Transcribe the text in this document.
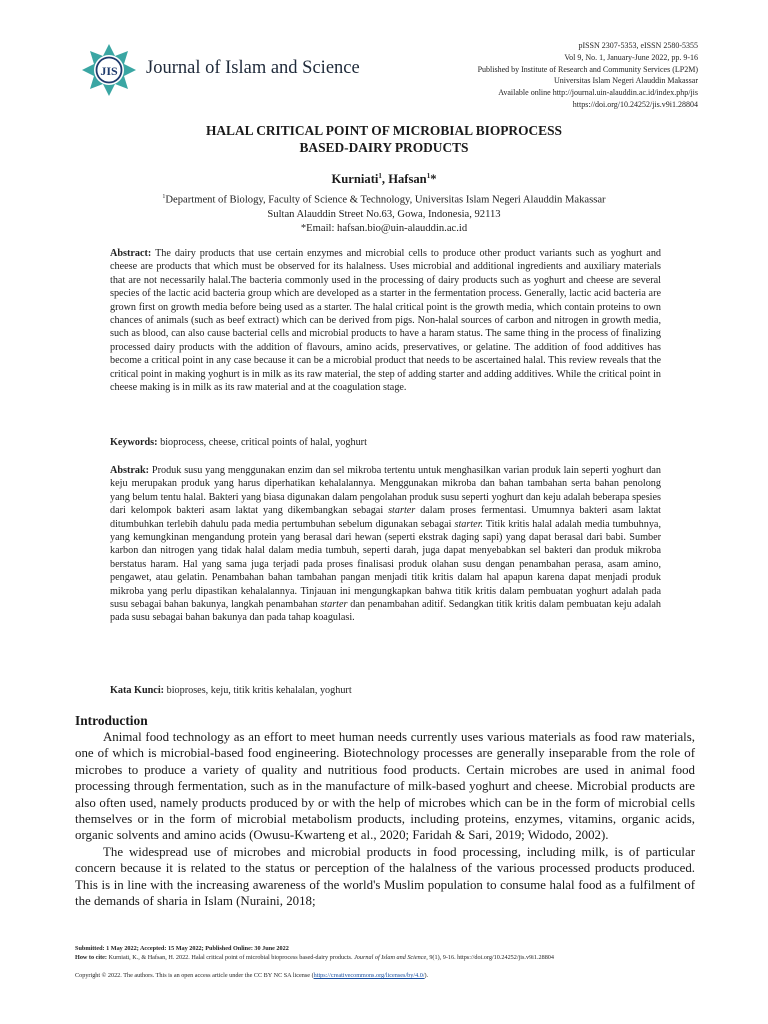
JIS Journal of Islam and Science
pISSN 2307-5353, eISSN 2580-5355
Vol 9, No. 1, January-June 2022, pp. 9-16
Published by Institute of Research and Community Services (LP2M)
Universitas Islam Negeri Alauddin Makassar
Available online http://journal.uin-alauddin.ac.id/index.php/jis
https://doi.org/10.24252/jis.v9i1.28804
HALAL CRITICAL POINT OF MICROBIAL BIOPROCESS
BASED-DAIRY PRODUCTS
Kurniati$^1$, Hafsan$^1$*
$^1$Department of Biology, Faculty of Science & Technology, Universitas Islam Negeri Alauddin Makassar
Sultan Alauddin Street No.63, Gowa, Indonesia, 92113
*Email: hafsan.bio@uin-alauddin.ac.id
Abstract: The dairy products that use certain enzymes and microbial cells to produce other product variants such as yoghurt and cheese are products that which must be observed for its halalness. Uses microbial and additional ingredients and auxiliary materials that are not necessarily halal.The bacteria commonly used in the processing of dairy products such as yoghurt and cheese are several species of the lactic acid bacteria group which are developed as a starter in the fermentation process. Generally, lactic acid bacteria are grown first on growth media before being used as a starter. The halal critical point is the growth media, which contain proteins to own chances of animals (such as beef extract) which can be derived from pigs. Non-halal sources of carbon and nitrogen in growth media, such as blood, can also cause bacterial cells and microbial products to have a haram status. The same thing in the process of finalizing processed dairy products with the addition of flavours, amino acids, preservatives, or gelatine. The addition of food additives has become a critical point in any case because it can be a microbial product that needs to be ascertained halal. This review reveals that the critical point in making yoghurt is in milk as its raw material, the step of adding starter and adding additives. While the critical point in cheese making is in milk as its raw material and at the coagulation stage.
Keywords: bioprocess, cheese, critical points of halal, yoghurt
Abstrak: Produk susu yang menggunakan enzim dan sel mikroba tertentu untuk menghasilkan varian produk lain seperti yoghurt dan keju merupakan produk yang harus diperhatikan kehalalannya. Menggunakan mikroba dan bahan tambahan serta bahan penolong yang belum tentu halal. Bakteri yang biasa digunakan dalam pengolahan produk susu seperti yoghurt dan keju adalah beberapa spesies dari kelompok bakteri asam laktat yang dikembangkan sebagai starter dalam proses fermentasi. Umumnya bakteri asam laktat ditumbuhkan terlebih dahulu pada media pertumbuhan sebelum digunakan sebagai starter. Titik kritis halal adalah media tumbuhnya, yang kemungkinan mengandung protein yang berasal dari hewan (seperti ekstrak daging sapi) yang dapat berasal dari babi. Sumber karbon dan nitrogen yang tidak halal dalam media tumbuh, seperti darah, juga dapat menyebabkan sel bakteri dan produk mikroba berstatus haram. Hal yang sama juga terjadi pada proses finalisasi produk olahan susu dengan penambahan perasa, asam amino, pengawet, atau gelatin. Penambahan bahan tambahan pangan menjadi titik kritis dalam hal apapun karena dapat menjadi produk mikroba yang perlu dipastikan kehalalannya. Tinjauan ini mengungkapkan bahwa titik kritis dalam pembuatan yoghurt adalah pada susu sebagai bahan bakunya, langkah penambahan starter dan penambahan aditif. Sedangkan titik kritis dalam pembuatan keju adalah pada susu sebagai bahan bakunya dan pada tahap koagulasi.
Kata Kunci: bioproses, keju, titik kritis kehalalan, yoghurt
Introduction
Animal food technology as an effort to meet human needs currently uses various materials as food raw materials, one of which is microbial-based food engineering. Biotechnology processes are generally inseparable from the role of microbes to produce a variety of quality and nutritious food products. Certain microbes are used in animal food processing through fermentation, such as in the manufacture of milk-based yoghurt and cheese. Microbial products are also often used, namely products produced by or with the help of microbes which can be in the form of microbial cells themselves or in the form of microbial metabolism products, including proteins, enzymes, vitamins, organic acids, organic solvents and amino acids (Owusu-Kwarteng et al., 2020; Faridah & Sari, 2019; Widodo, 2002).
The widespread use of microbes and microbial products in food processing, including milk, is of particular concern because it is related to the status or perception of the halalness of the various processed products produced. This is in line with the increasing awareness of the world's Muslim population to consume halal food as a fulfilment of the demands of sharia in Islam (Nuraini, 2018;
Submitted: 1 May 2022; Accepted: 15 May 2022; Published Online: 30 June 2022
How to cite: Kurniati, K., & Hafsan, H. 2022. Halal critical point of microbial bioprocess based-dairy products. Journal of Islam and Science, 9(1), 9-16. https://doi.org/10.24252/jis.v9i1.28804
Copyright © 2022. The authors. This is an open access article under the CC BY NC SA license (https://creativecommons.org/licenses/by/4.0/).
